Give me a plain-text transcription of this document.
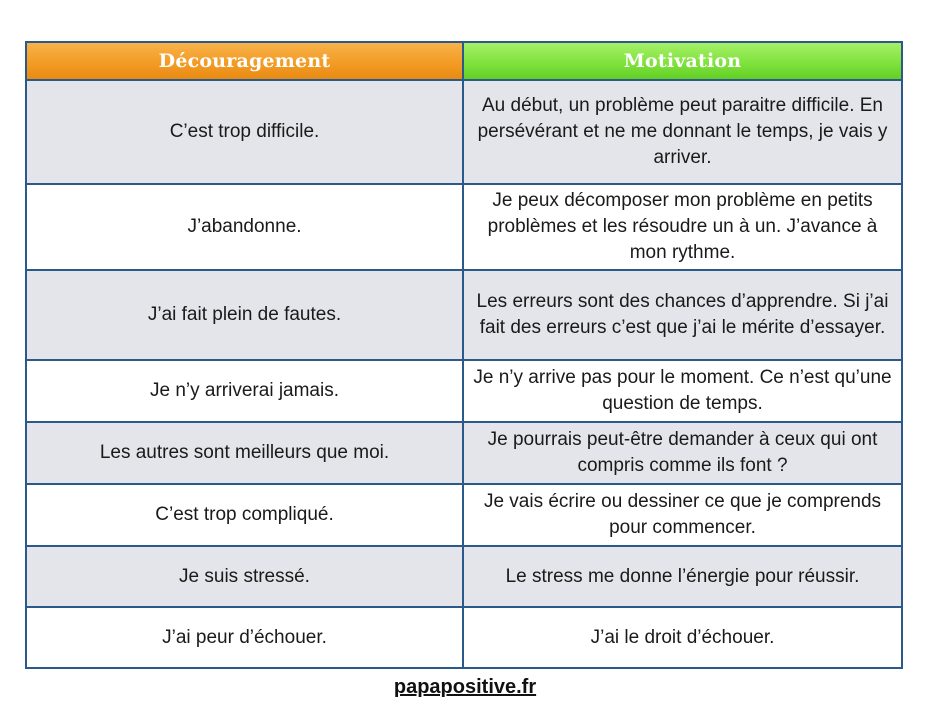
Découragement	Motivation
C’est trop difficile.	Au début, un problème peut paraitre difficile. En persévérant et ne me donnant le temps, je vais y arriver.
J’abandonne.	Je peux décomposer mon problème en petits problèmes et les résoudre un à un. J’avance à mon rythme.
J’ai fait plein de fautes.	Les erreurs sont des chances d’apprendre. Si j’ai fait des erreurs c’est que j’ai le mérite d’essayer.
Je n’y arriverai jamais.	Je n’y arrive pas pour le moment. Ce n’est qu’une question de temps.
Les autres sont meilleurs que moi.	Je pourrais peut-être demander à ceux qui ont compris comme ils font ?
C’est trop compliqué.	Je vais écrire ou dessiner ce que je comprends pour commencer.
Je suis stressé.	Le stress me donne l’énergie pour réussir.
J’ai peur d’échouer.	J’ai le droit d’échouer.
papapositive.fr
